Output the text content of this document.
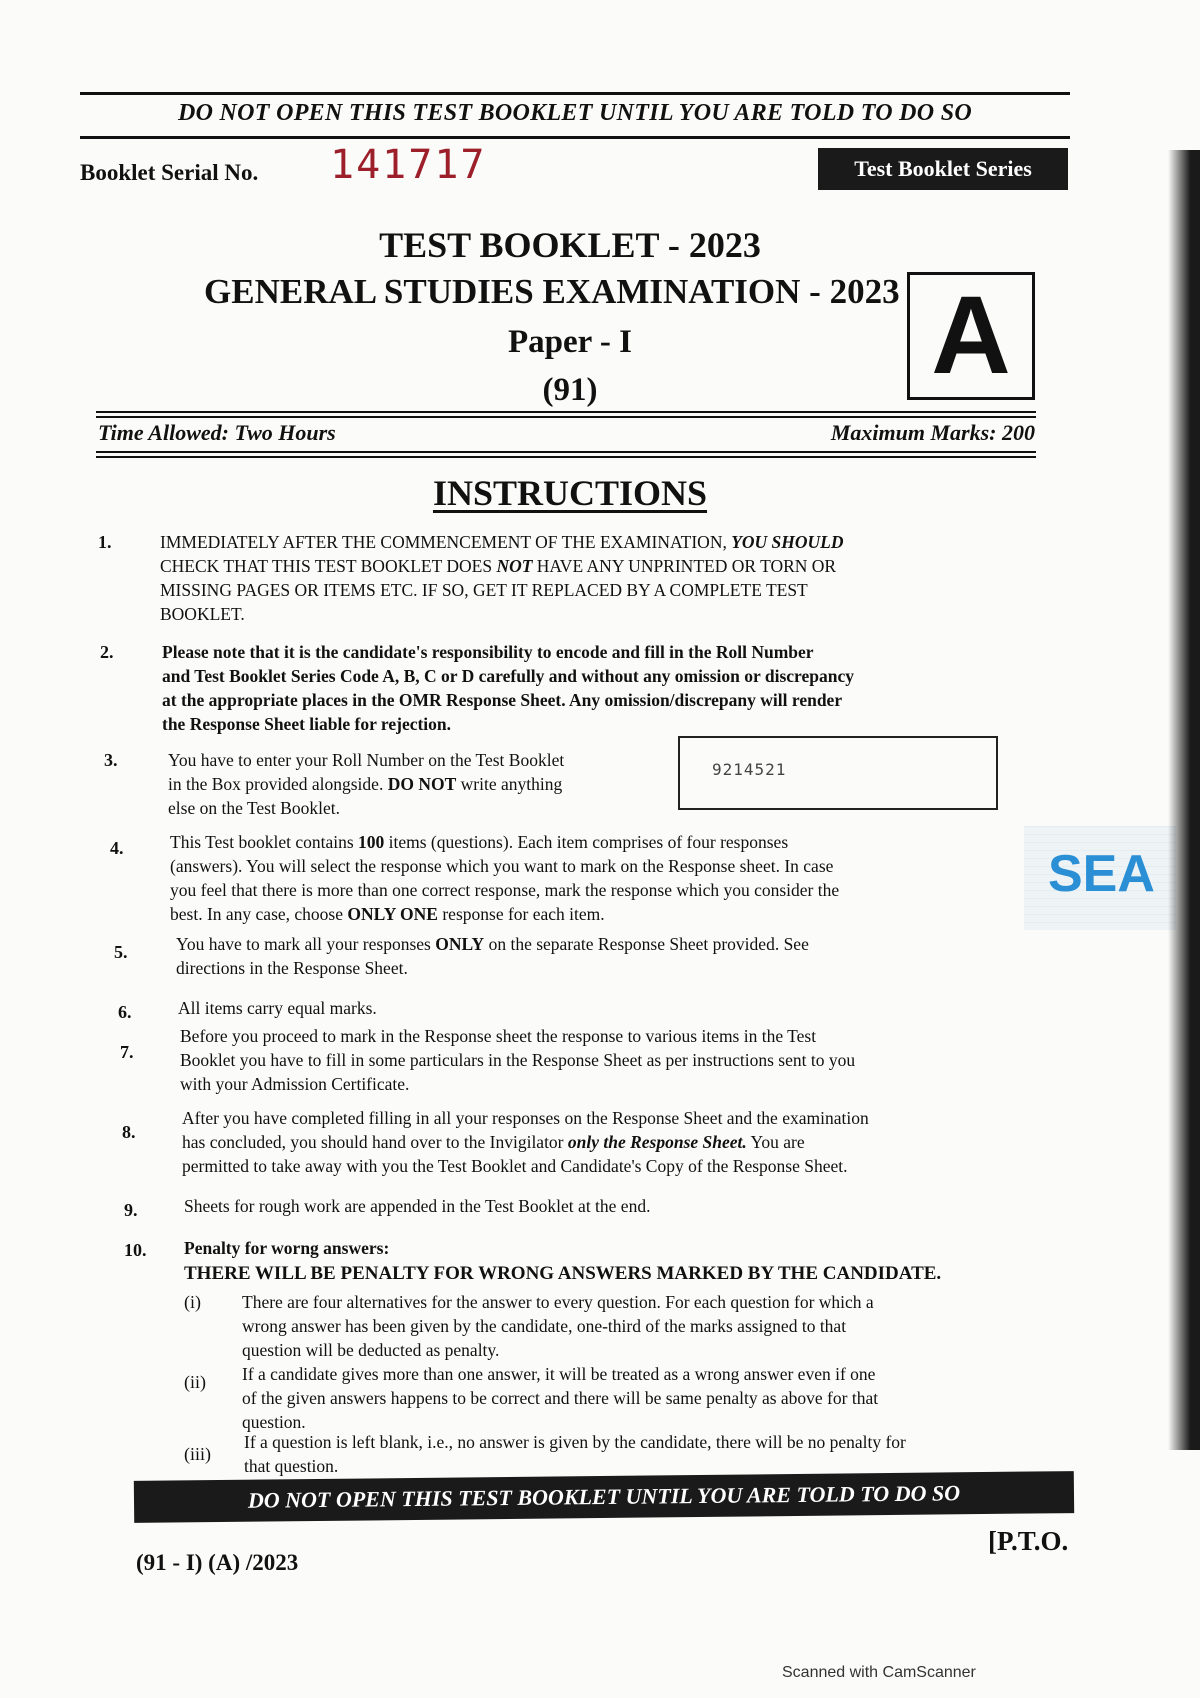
DO NOT OPEN THIS TEST BOOKLET UNTIL YOU ARE TOLD TO DO SO
Booklet Serial No. 141717	Test Booklet Series
TEST BOOKLET - 2023
GENERAL STUDIES EXAMINATION - 2023
Paper - I
(91)	A
Time Allowed: Two Hours	Maximum Marks: 200
INSTRUCTIONS
1.	IMMEDIATELY AFTER THE COMMENCEMENT OF THE EXAMINATION, YOU SHOULD
CHECK THAT THIS TEST BOOKLET DOES NOT HAVE ANY UNPRINTED OR TORN OR
MISSING PAGES OR ITEMS ETC. IF SO, GET IT REPLACED BY A COMPLETE TEST
BOOKLET.
2.	Please note that it is the candidate's responsibility to encode and fill in the Roll Number
and Test Booklet Series Code A, B, C or D carefully and without any omission or discrepancy
at the appropriate places in the OMR Response Sheet. Any omission/discrepany will render
the Response Sheet liable for rejection.
3.	You have to enter your Roll Number on the Test Booklet
in the Box provided alongside. DO NOT write anything
else on the Test Booklet.
9214521
4.	This Test booklet contains 100 items (questions). Each item comprises of four responses
(answers). You will select the response which you want to mark on the Response sheet. In case
you feel that there is more than one correct response, mark the response which you consider the
best. In any case, choose ONLY ONE response for each item.
5.	You have to mark all your responses ONLY on the separate Response Sheet provided. See
directions in the Response Sheet.
6.	All items carry equal marks.
7.
Before you proceed to mark in the Response sheet the response to various items in the Test
Booklet you have to fill in some particulars in the Response Sheet as per instructions sent to you
with your Admission Certificate.
8.
After you have completed filling in all your responses on the Response Sheet and the examination
has concluded, you should hand over to the Invigilator only the Response Sheet. You are
permitted to take away with you the Test Booklet and Candidate's Copy of the Response Sheet.
9.	Sheets for rough work are appended in the Test Booklet at the end.
10. Penalty for worng answers:
THERE WILL BE PENALTY FOR WRONG ANSWERS MARKED BY THE CANDIDATE.
(i) There are four alternatives for the answer to every question. For each question for which a
wrong answer has been given by the candidate, one-third of the marks assigned to that
question will be deducted as penalty.
(ii) If a candidate gives more than one answer, it will be treated as a wrong answer even if one
of the given answers happens to be correct and there will be same penalty as above for that
question.
(iii)
If a question is left blank, i.e., no answer is given by the candidate, there will be no penalty for
that question.
SEA
DO NOT OPEN THIS TEST BOOKLET UNTIL YOU ARE TOLD TO DO SO
(91 - I) (A) /2023
[P.T.O.
Scanned with CamScanner
